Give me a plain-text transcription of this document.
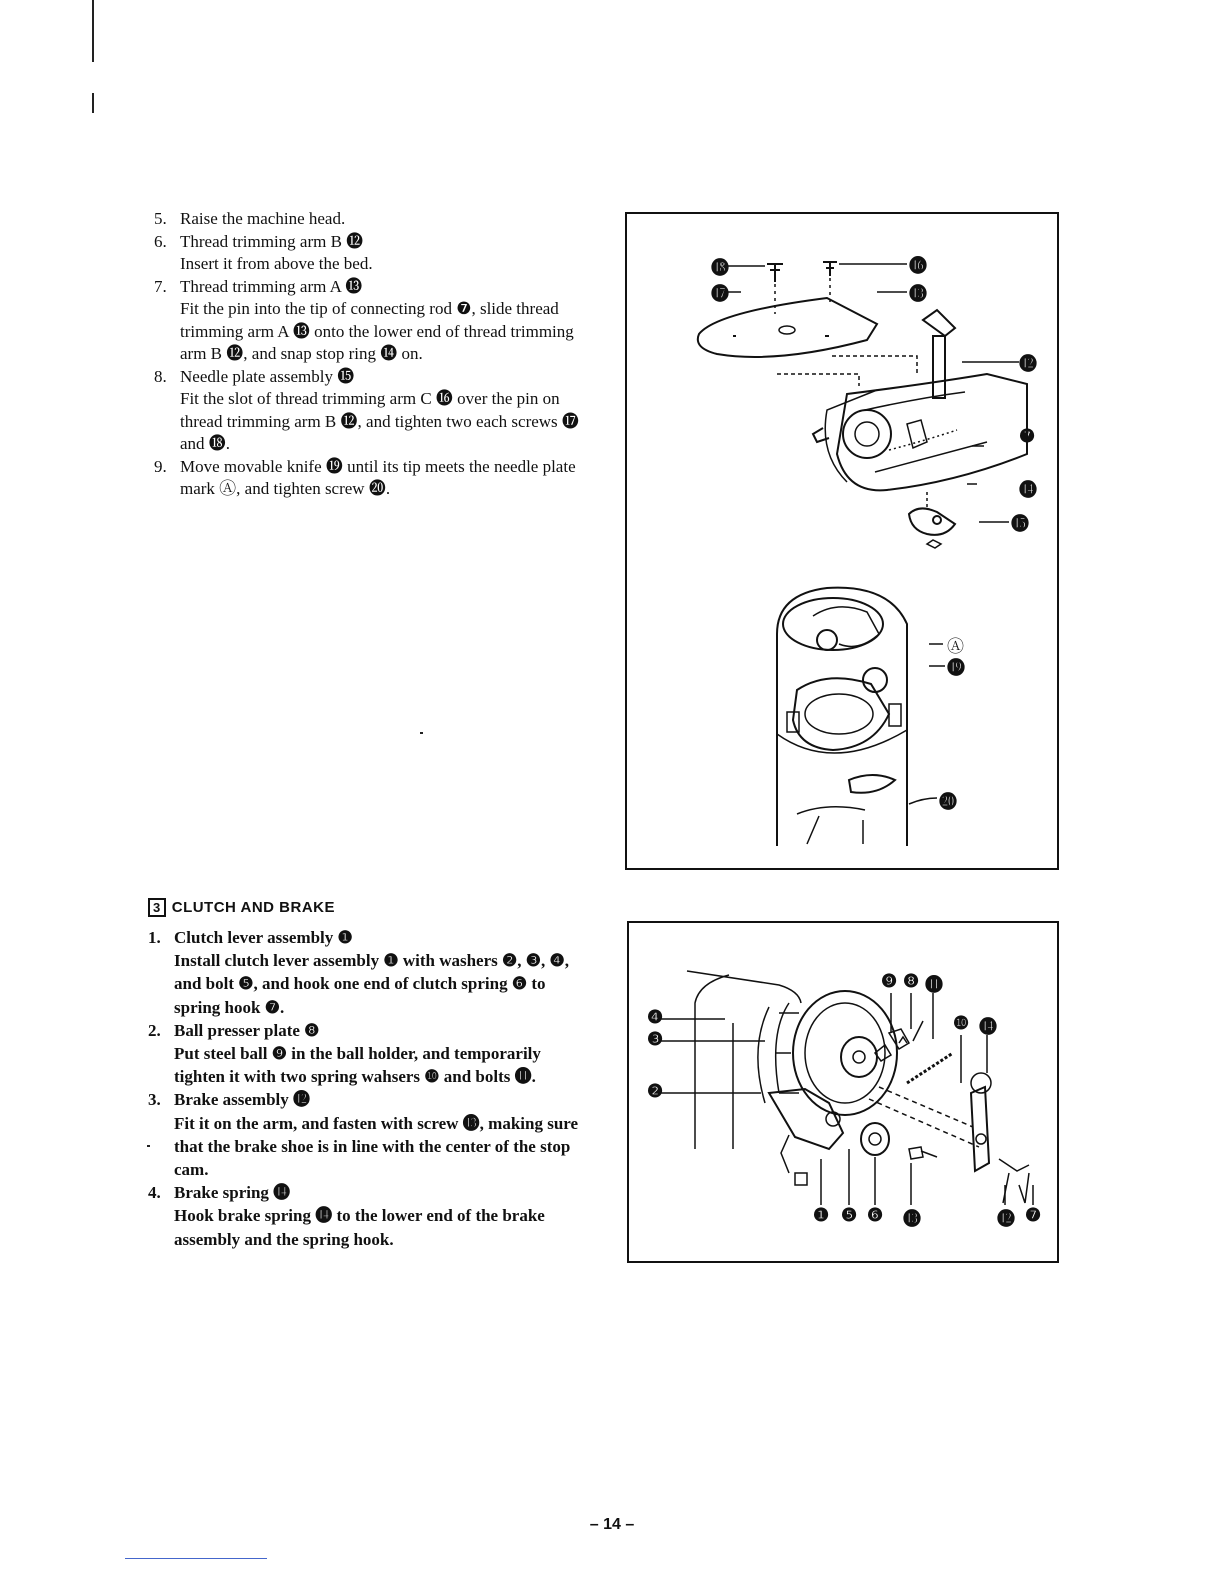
5. Raise the machine head.
6. Thread trimming arm B ⓬
Insert it from above the bed.
7. Thread trimming arm A ⓭
Fit the pin into the tip of connecting rod ❼, slide thread trimming arm A ⓭ onto the lower end of thread trimming arm B ⓬, and snap stop ring ⓮ on.
8. Needle plate assembly ⓯
Fit the slot of thread trimming arm C ⓰ over the pin on thread trimming arm B ⓬, and tighten two each screws ⓱ and ⓲.
9. Move movable knife ⓳ until its tip meets the needle plate mark Ⓐ, and tighten screw ⓴.
⓲
⓱
⓰
⓭
⓬
❼
⓮
⓯
Ⓐ
⓳
⓴
3 CLUTCH AND BRAKE
1. Clutch lever assembly ❶
Install clutch lever assembly ❶ with washers ❷, ❸, ❹, and bolt ❺, and hook one end of clutch spring ❻ to spring hook ❼.
2. Ball presser plate ❽
Put steel ball ❾ in the ball holder, and temporarily tighten it with two spring wahsers ❿ and bolts ⓫.
3. Brake assembly ⓬
Fit it on the arm, and fasten with screw ⓭, making sure that the brake shoe is in line with the center of the stop cam.
4. Brake spring ⓮
Hook brake spring ⓮ to the lower end of the brake assembly and the spring hook.
❹
❸
❷
❾ ❽ ⓫
❿ ⓮
❶ ❺ ❻ ⓭	⓬ ❼
– 14 –
